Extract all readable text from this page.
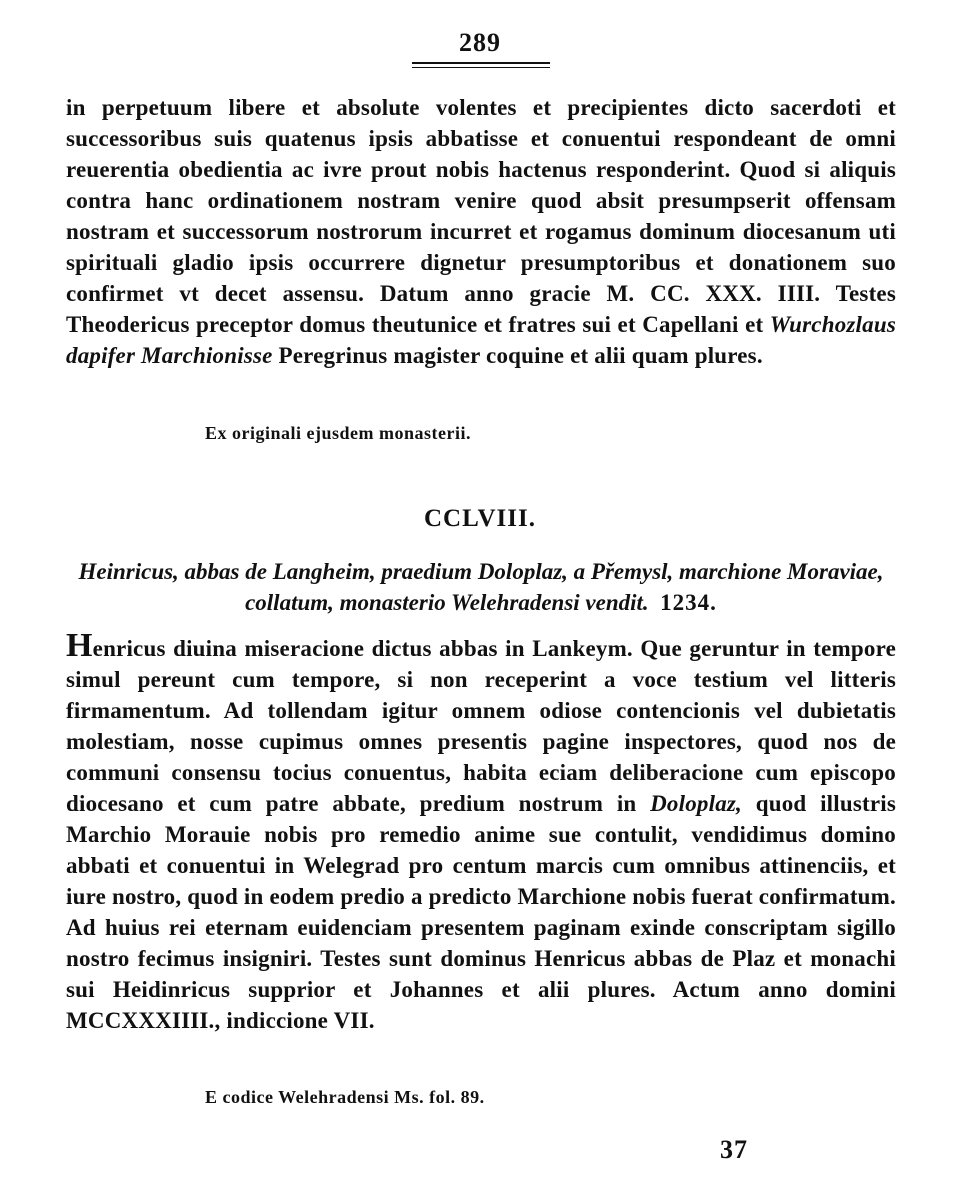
289
in perpetuum libere et absolute volentes et precipientes dicto sacerdoti et successoribus suis quatenus ipsis abbatisse et conuentui respondeant de omni reuerentia obedientia ac ivre prout nobis hactenus responderint. Quod si aliquis contra hanc ordinationem nostram venire quod absit presumpserit offensam nostram et successorum nostrorum incurret et rogamus dominum diocesanum uti spirituali gladio ipsis occurrere dignetur presumptoribus et donationem suo confirmet vt decet assensu. Datum anno gracie M. CC. XXX. IIII. Testes Theodericus preceptor domus theutunice et fratres sui et Capellani et Wurchozlaus dapifer Marchionisse Peregrinus magister coquine et alii quam plures.
Ex originali ejusdem monasterii.
CCLVIII.
Heinricus, abbas de Langheim, praedium Doloplaz, a Přemysl, marchione Moraviae, collatum, monasterio Welehradensi vendit. 1234.
Henricus diuina miseracione dictus abbas in Lankeym. Que geruntur in tempore simul pereunt cum tempore, si non receperint a voce testium vel litteris firmamentum. Ad tollendam igitur omnem odiose contencionis vel dubietatis molestiam, nosse cupimus omnes presentis pagine inspectores, quod nos de communi consensu tocius conuentus, habita eciam deliberacione cum episcopo diocesano et cum patre abbate, predium nostrum in Doloplaz, quod illustris Marchio Morauie nobis pro remedio anime sue contulit, vendidimus domino abbati et conuentui in Welegrad pro centum marcis cum omnibus attinenciis, et iure nostro, quod in eodem predio a predicto Marchione nobis fuerat confirmatum. Ad huius rei eternam euidenciam presentem paginam exinde conscriptam sigillo nostro fecimus insigniri. Testes sunt dominus Henricus abbas de Plaz et monachi sui Heidinricus supprior et Johannes et alii plures. Actum anno domini MCCXXXIIII., indiccione VII.
E codice Welehradensi Ms. fol. 89.
37
